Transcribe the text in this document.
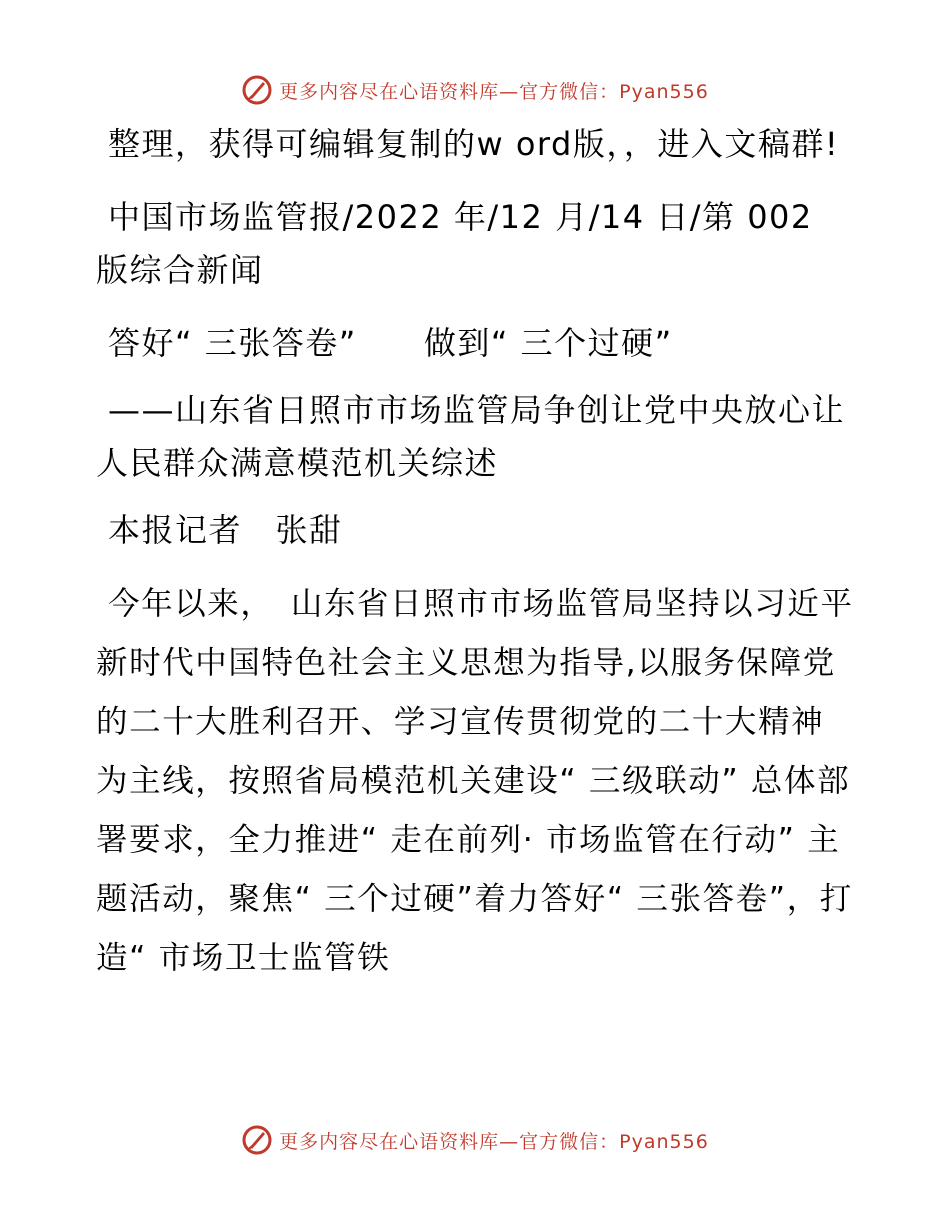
更多内容尽在心语资料库—官方微信：Pyan556

整理，获得可编辑复制的w ord版，，进入文稿群!

中国市场监管报/2022 年/12 月/14 日/第 002 版综合新闻

答好“ 三张答卷”　　做到“ 三个过硬”

——山东省日照市市场监管局争创让党中央放心让人民群众满意模范机关综述

本报记者　张甜

今年以来，　山东省日照市市场监管局坚持以习近平新时代中国特色社会主义思想为指导,以服务保障党的二十大胜利召开、学习宣传贯彻党的二十大精神为主线，按照省局模范机关建设“ 三级联动” 总体部署要求，全力推进“ 走在前列· 市场监管在行动” 主题活动，聚焦“ 三个过硬”着力答好“ 三张答卷”，打造“ 市场卫士监管铁

更多内容尽在心语资料库—官方微信：Pyan556
